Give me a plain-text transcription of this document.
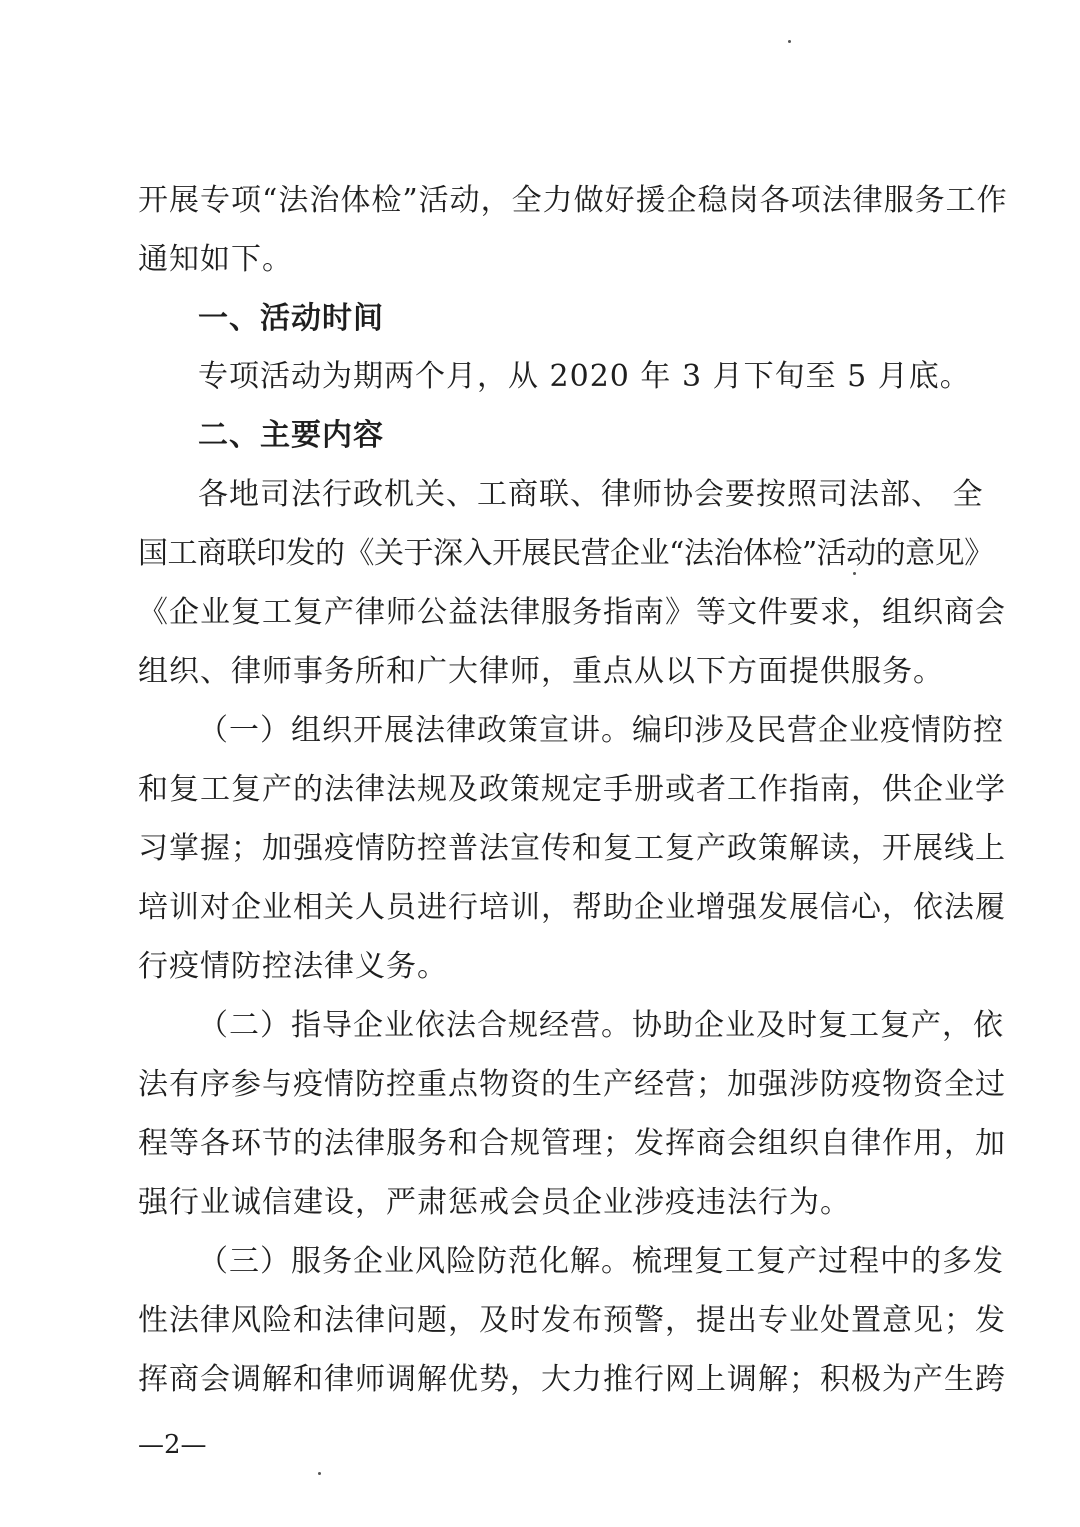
开展专项“法治体检”活动，全力做好援企稳岗各项法律服务工作
通知如下。
一、活动时间
专项活动为期两个月，从 2020 年 3 月下旬至 5 月底。
二、主要内容
各地司法行政机关、工商联、律师协会要按照司法部、 全
国工商联印发的《关于深入开展民营企业“法治体检”活动的意见》
《企业复工复产律师公益法律服务指南》等文件要求，组织商会
组织、律师事务所和广大律师，重点从以下方面提供服务。
（一）组织开展法律政策宣讲。编印涉及民营企业疫情防控
和复工复产的法律法规及政策规定手册或者工作指南，供企业学
习掌握；加强疫情防控普法宣传和复工复产政策解读，开展线上
培训对企业相关人员进行培训，帮助企业增强发展信心，依法履
行疫情防控法律义务。
（二）指导企业依法合规经营。协助企业及时复工复产，依
法有序参与疫情防控重点物资的生产经营；加强涉防疫物资全过
程等各环节的法律服务和合规管理；发挥商会组织自律作用，加
强行业诚信建设，严肃惩戒会员企业涉疫违法行为。
（三）服务企业风险防范化解。梳理复工复产过程中的多发
性法律风险和法律问题，及时发布预警，提出专业处置意见；发
挥商会调解和律师调解优势，大力推行网上调解；积极为产生跨
—2—
